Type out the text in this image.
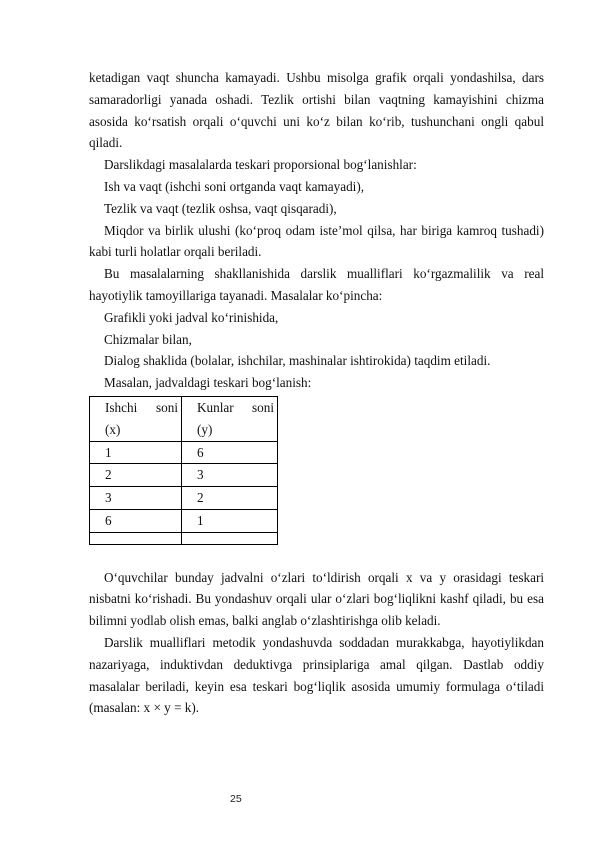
ketadigan vaqt shuncha kamayadi. Ushbu misolga grafik orqali yondashilsa, dars samaradorligi yanada oshadi. Tezlik ortishi bilan vaqtning kamayishini chizma asosida ko‘rsatish orqali o‘quvchi uni ko‘z bilan ko‘rib, tushunchani ongli qabul qiladi.

Darslikdagi masalalarda teskari proporsional bog‘lanishlar:

Ish va vaqt (ishchi soni ortganda vaqt kamayadi),

Tezlik va vaqt (tezlik oshsa, vaqt qisqaradi),

Miqdor va birlik ulushi (ko‘proq odam iste’mol qilsa, har biriga kamroq tushadi) kabi turli holatlar orqali beriladi.

Bu masalalarning shakllanishida darslik mualliflari ko‘rgazmalilik va real hayotiylik tamoyillariga tayanadi. Masalalar ko‘pincha:

Grafikli yoki jadval ko‘rinishida,

Chizmalar bilan,

Dialog shaklida (bolalar, ishchilar, mashinalar ishtirokida) taqdim etiladi.

Masalan, jadvaldagi teskari bog‘lanish:

Ishchi soni (x)	Kunlar soni (y)
1	6
2	3
3	2
6	1

O‘quvchilar bunday jadvalni o‘zlari to‘ldirish orqali x va y orasidagi teskari nisbatni ko‘rishadi. Bu yondashuv orqali ular o‘zlari bog‘liqlikni kashf qiladi, bu esa bilimni yodlab olish emas, balki anglab o‘zlashtirishga olib keladi.

Darslik mualliflari metodik yondashuvda soddadan murakkabga, hayotiylikdan nazariyaga, induktivdan deduktivga prinsiplariga amal qilgan. Dastlab oddiy masalalar beriladi, keyin esa teskari bog‘liqlik asosida umumiy formulaga o‘tiladi (masalan: x × y = k).

25
